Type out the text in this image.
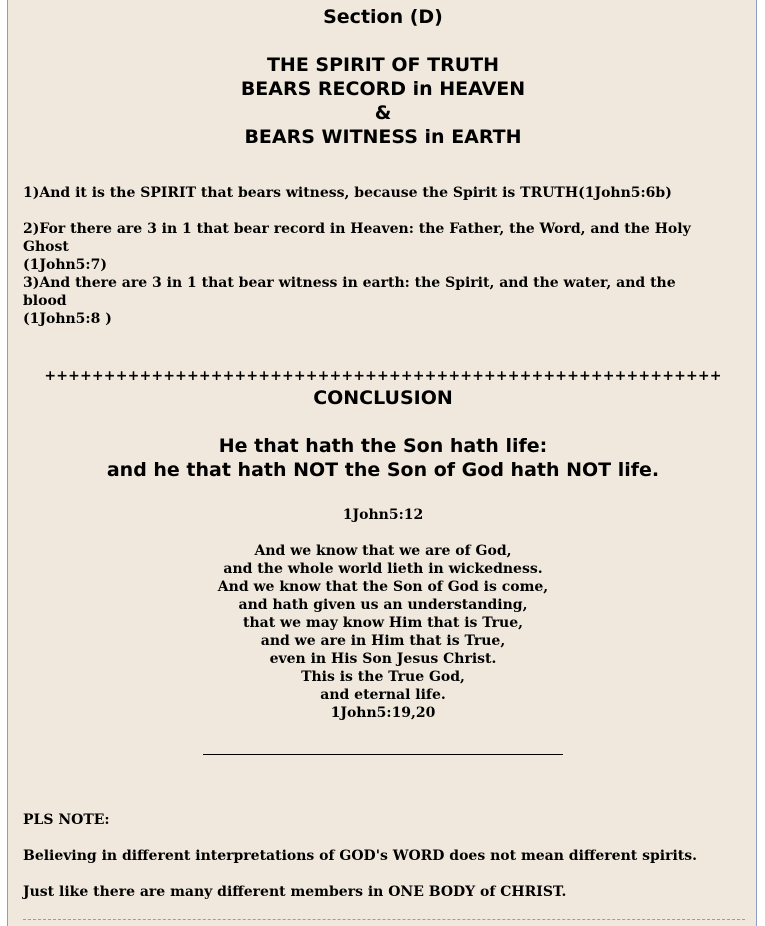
Section (D)
THE SPIRIT OF TRUTH
BEARS RECORD in HEAVEN
&
BEARS WITNESS in EARTH
1)And it is the SPIRIT that bears witness, because the Spirit is TRUTH(1John5:6b)
2)For there are 3 in 1 that bear record in Heaven: the Father, the Word, and the Holy Ghost
(1John5:7)
3)And there are 3 in 1 that bear witness in earth: the Spirit, and the water, and the blood
(1John5:8 )
+++++++++++++++++++++++++++++++++++++++++++++++++++++++++
CONCLUSION
He that hath the Son hath life:
and he that hath NOT the Son of God hath NOT life.
1John5:12
And we know that we are of God,
and the whole world lieth in wickedness.
And we know that the Son of God is come,
and hath given us an understanding,
that we may know Him that is True,
and we are in Him that is True,
even in His Son Jesus Christ.
This is the True God,
and eternal life.
1John5:19,20
PLS NOTE:
Believing in different interpretations of GOD's WORD does not mean different spirits.
Just like there are many different members in ONE BODY of CHRIST.
